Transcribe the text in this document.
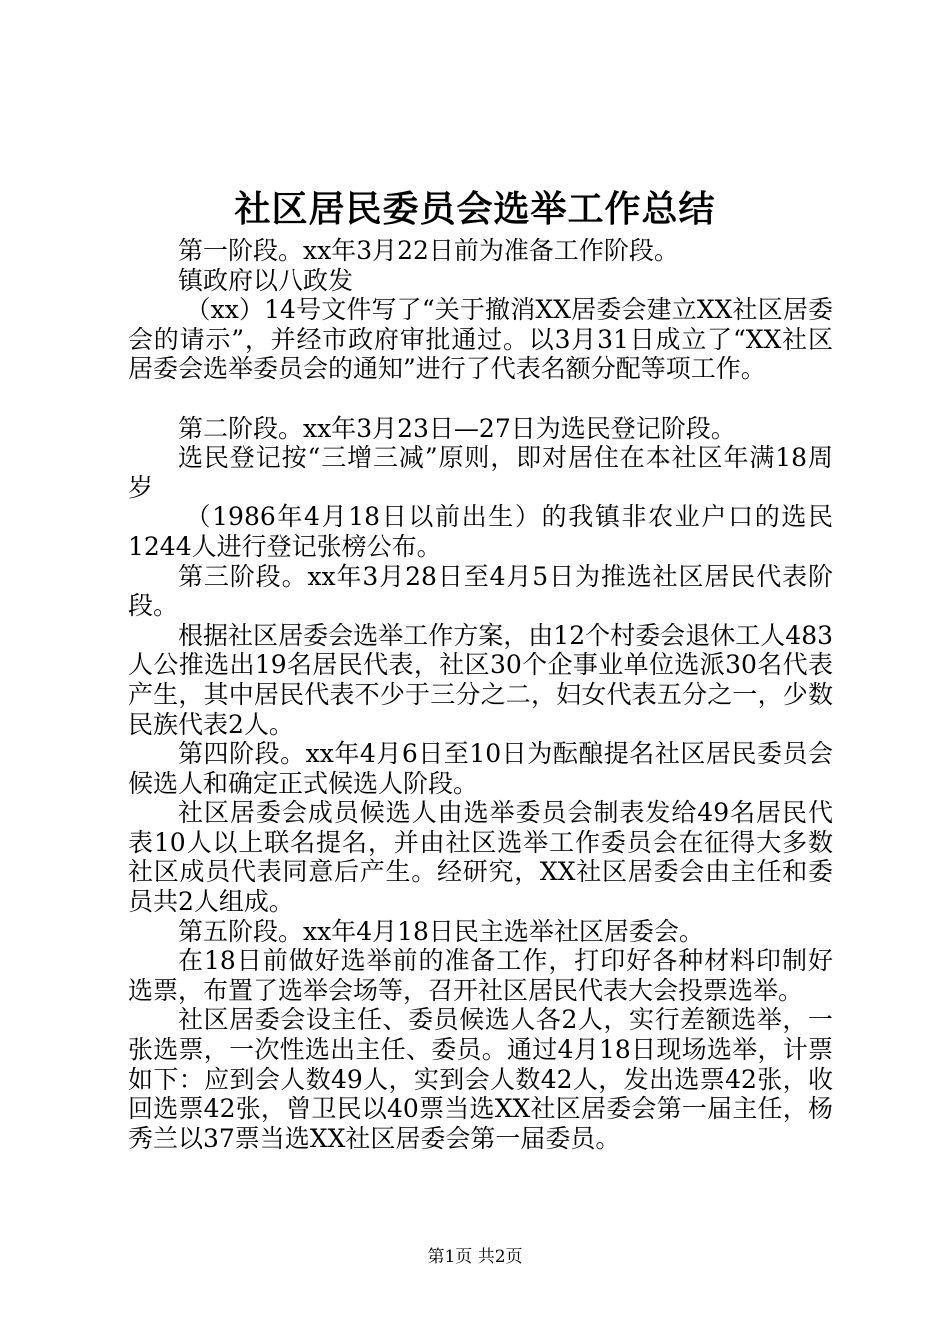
社区居民委员会选举工作总结

第一阶段。xx年3月22日前为准备工作阶段。

镇政府以八政发

（xx）14号文件写了“关于撤消XX居委会建立XX社区居委会的请示”，并经市政府审批通过。以3月31日成立了“XX社区居委会选举委员会的通知”进行了代表名额分配等项工作。

第二阶段。xx年3月23日—27日为选民登记阶段。

选民登记按“三增三减”原则，即对居住在本社区年满18周岁

（1986年4月18日以前出生）的我镇非农业户口的选民1244人进行登记张榜公布。

第三阶段。xx年3月28日至4月5日为推选社区居民代表阶段。

根据社区居委会选举工作方案，由12个村委会退休工人483人公推选出19名居民代表，社区30个企事业单位选派30名代表产生，其中居民代表不少于三分之二，妇女代表五分之一，少数民族代表2人。

第四阶段。xx年4月6日至10日为酝酿提名社区居民委员会候选人和确定正式候选人阶段。

社区居委会成员候选人由选举委员会制表发给49名居民代表10人以上联名提名，并由社区选举工作委员会在征得大多数社区成员代表同意后产生。经研究，XX社区居委会由主任和委员共2人组成。

第五阶段。xx年4月18日民主选举社区居委会。

在18日前做好选举前的准备工作，打印好各种材料印制好选票，布置了选举会场等，召开社区居民代表大会投票选举。

社区居委会设主任、委员候选人各2人，实行差额选举，一张选票，一次性选出主任、委员。通过4月18日现场选举，计票如下：应到会人数49人，实到会人数42人，发出选票42张，收回选票42张，曾卫民以40票当选XX社区居委会第一届主任，杨秀兰以37票当选XX社区居委会第一届委员。

第1页 共2页
